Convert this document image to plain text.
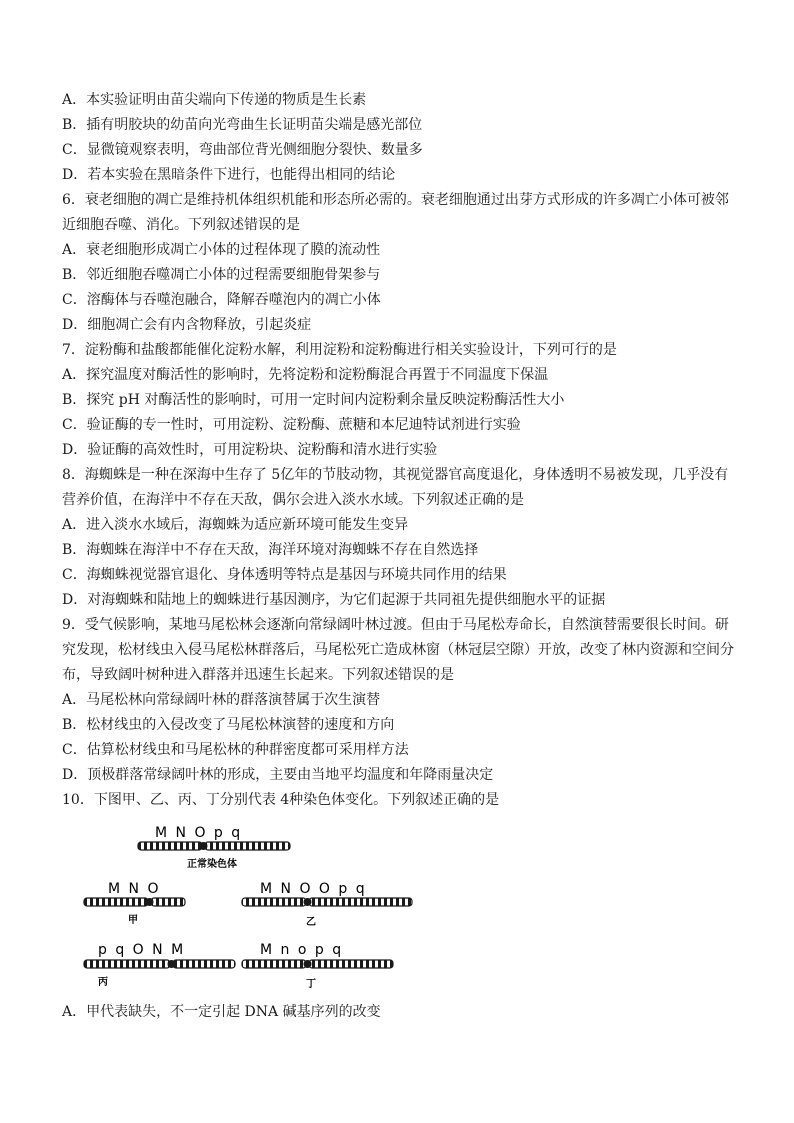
A．本实验证明由苗尖端向下传递的物质是生长素
B．插有明胶块的幼苗向光弯曲生长证明苗尖端是感光部位
C．显微镜观察表明，弯曲部位背光侧细胞分裂快、数量多
D．若本实验在黑暗条件下进行，也能得出相同的结论
6．衰老细胞的凋亡是维持机体组织机能和形态所必需的。衰老细胞通过出芽方式形成的许多凋亡小体可被邻
近细胞吞噬、消化。下列叙述错误的是
A．衰老细胞形成凋亡小体的过程体现了膜的流动性
B．邻近细胞吞噬凋亡小体的过程需要细胞骨架参与
C．溶酶体与吞噬泡融合，降解吞噬泡内的凋亡小体
D．细胞凋亡会有内含物释放，引起炎症
7．淀粉酶和盐酸都能催化淀粉水解，利用淀粉和淀粉酶进行相关实验设计，下列可行的是
A．探究温度对酶活性的影响时，先将淀粉和淀粉酶混合再置于不同温度下保温
B．探究 pH 对酶活性的影响时，可用一定时间内淀粉剩余量反映淀粉酶活性大小
C．验证酶的专一性时，可用淀粉、淀粉酶、蔗糖和本尼迪特试剂进行实验
D．验证酶的高效性时，可用淀粉块、淀粉酶和清水进行实验
8．海蜘蛛是一种在深海中生存了 5亿年的节肢动物，其视觉器官高度退化，身体透明不易被发现，几乎没有
营养价值，在海洋中不存在天敌，偶尔会进入淡水水域。下列叙述正确的是
A．进入淡水水域后，海蜘蛛为适应新环境可能发生变异
B．海蜘蛛在海洋中不存在天敌，海洋环境对海蜘蛛不存在自然选择
C．海蜘蛛视觉器官退化、身体透明等特点是基因与环境共同作用的结果
D．对海蜘蛛和陆地上的蜘蛛进行基因测序，为它们起源于共同祖先提供细胞水平的证据
9．受气候影响，某地马尾松林会逐渐向常绿阔叶林过渡。但由于马尾松寿命长，自然演替需要很长时间。研
究发现，松材线虫入侵马尾松林群落后，马尾松死亡造成林窗（林冠层空隙）开放，改变了林内资源和空间分
布，导致阔叶树种进入群落并迅速生长起来。下列叙述错误的是
A．马尾松林向常绿阔叶林的群落演替属于次生演替
B．松材线虫的入侵改变了马尾松林演替的速度和方向
C．估算松材线虫和马尾松林的种群密度都可采用样方法
D．顶极群落常绿阔叶林的形成，主要由当地平均温度和年降雨量决定
10．下图甲、乙、丙、丁分别代表 4种染色体变化。下列叙述正确的是
M N O p q
正常染色体
M N O
甲
M N O O p q
乙
p q O N M
丙
M n o p q
丁
A．甲代表缺失，不一定引起 DNA 碱基序列的改变
